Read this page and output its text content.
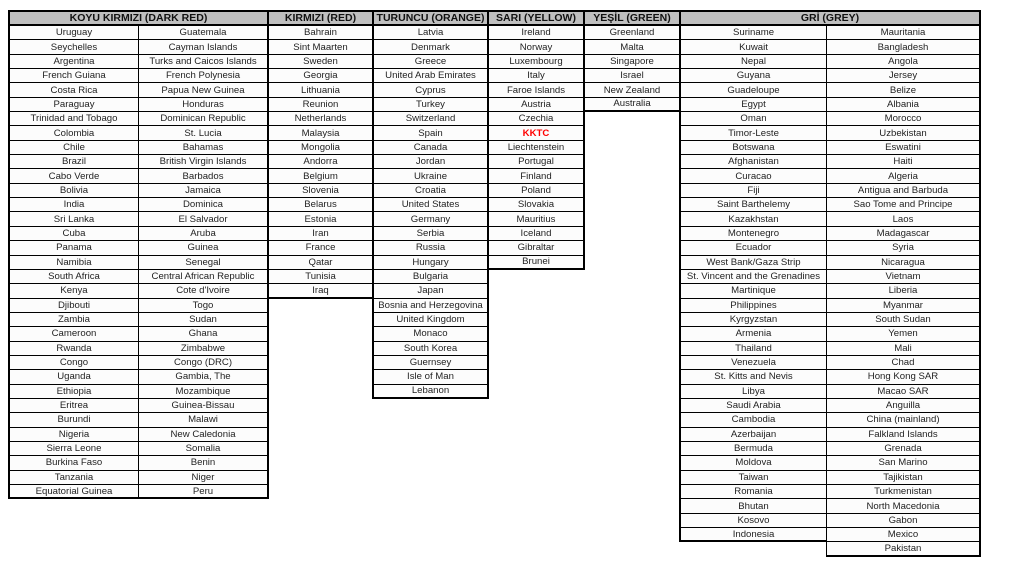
KOYU KIRMIZI (DARK RED)
Uruguay
Seychelles
Argentina
French Guiana
Costa Rica
Paraguay
Trinidad and Tobago
Colombia
Chile
Brazil
Cabo Verde
Bolivia
India
Sri Lanka
Cuba
Panama
Namibia
South Africa
Kenya
Djibouti
Zambia
Cameroon
Rwanda
Congo
Uganda
Ethiopia
Eritrea
Burundi
Nigeria
Sierra Leone
Burkina Faso
Tanzania
Equatorial Guinea
Guatemala
Cayman Islands
Turks and Caicos Islands
French Polynesia
Papua New Guinea
Honduras
Dominican Republic
St. Lucia
Bahamas
British Virgin Islands
Barbados
Jamaica
Dominica
El Salvador
Aruba
Guinea
Senegal
Central African Republic
Cote d'Ivoire
Togo
Sudan
Ghana
Zimbabwe
Congo (DRC)
Gambia, The
Mozambique
Guinea-Bissau
Malawi
New Caledonia
Somalia
Benin
Niger
Peru
KIRMIZI (RED)
Bahrain
Sint Maarten
Sweden
Georgia
Lithuania
Reunion
Netherlands
Malaysia
Mongolia
Andorra
Belgium
Slovenia
Belarus
Estonia
Iran
France
Qatar
Tunisia
Iraq
TURUNCU (ORANGE)
Latvia
Denmark
Greece
United Arab Emirates
Cyprus
Turkey
Switzerland
Spain
Canada
Jordan
Ukraine
Croatia
United States
Germany
Serbia
Russia
Hungary
Bulgaria
Japan
Bosnia and Herzegovina
United Kingdom
Monaco
South Korea
Guernsey
Isle of Man
Lebanon
SARI (YELLOW)
Ireland
Norway
Luxembourg
Italy
Faroe Islands
Austria
Czechia
KKTC
Liechtenstein
Portugal
Finland
Poland
Slovakia
Mauritius
Iceland
Gibraltar
Brunei
YEŞİL (GREEN)
Greenland
Malta
Singapore
Israel
New Zealand
Australia
GRİ (GREY)
Suriname
Kuwait
Nepal
Guyana
Guadeloupe
Egypt
Oman
Timor-Leste
Botswana
Afghanistan
Curacao
Fiji
Saint Barthelemy
Kazakhstan
Montenegro
Ecuador
West Bank/Gaza Strip
St. Vincent and the Grenadines
Martinique
Philippines
Kyrgyzstan
Armenia
Thailand
Venezuela
St. Kitts and Nevis
Libya
Saudi Arabia
Cambodia
Azerbaijan
Bermuda
Moldova
Taiwan
Romania
Bhutan
Kosovo
Indonesia
Mauritania
Bangladesh
Angola
Jersey
Belize
Albania
Morocco
Uzbekistan
Eswatini
Haiti
Algeria
Antigua and Barbuda
Sao Tome and Principe
Laos
Madagascar
Syria
Nicaragua
Vietnam
Liberia
Myanmar
South Sudan
Yemen
Mali
Chad
Hong Kong SAR
Macao SAR
Anguilla
China (mainland)
Falkland Islands
Grenada
San Marino
Tajikistan
Turkmenistan
North Macedonia
Gabon
Mexico
Pakistan
